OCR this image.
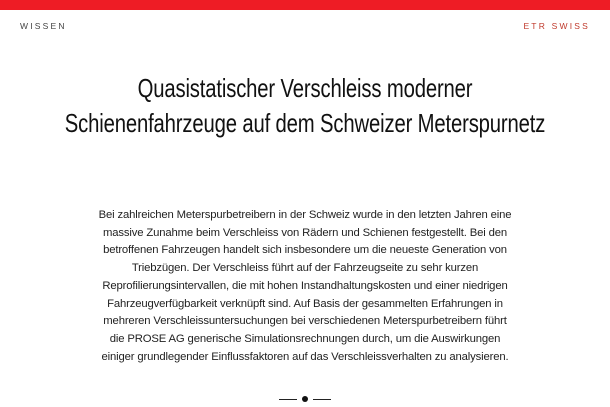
WISSEN	ETR SWISS
Quasistatischer Verschleiss moderner Schienenfahrzeuge auf dem Schweizer Meterspurnetz

Bei zahlreichen Meterspurbetreibern in der Schweiz wurde in den letzten Jahren eine massive Zunahme beim Verschleiss von Rädern und Schienen festgestellt. Bei den betroffenen Fahrzeugen handelt sich insbesondere um die neueste Generation von Triebzügen. Der Verschleiss führt auf der Fahrzeugseite zu sehr kurzen Reprofilierungsintervallen, die mit hohen Instandhaltungskosten und einer niedrigen Fahrzeugverfügbarkeit verknüpft sind. Auf Basis der gesammelten Erfahrungen in mehreren Verschleissuntersuchungen bei verschiedenen Meterspurbetreibern führt die PROSE AG generische Simulationsrechnungen durch, um die Auswirkungen einiger grundlegender Einflussfaktoren auf das Verschleissverhalten zu analysieren.
